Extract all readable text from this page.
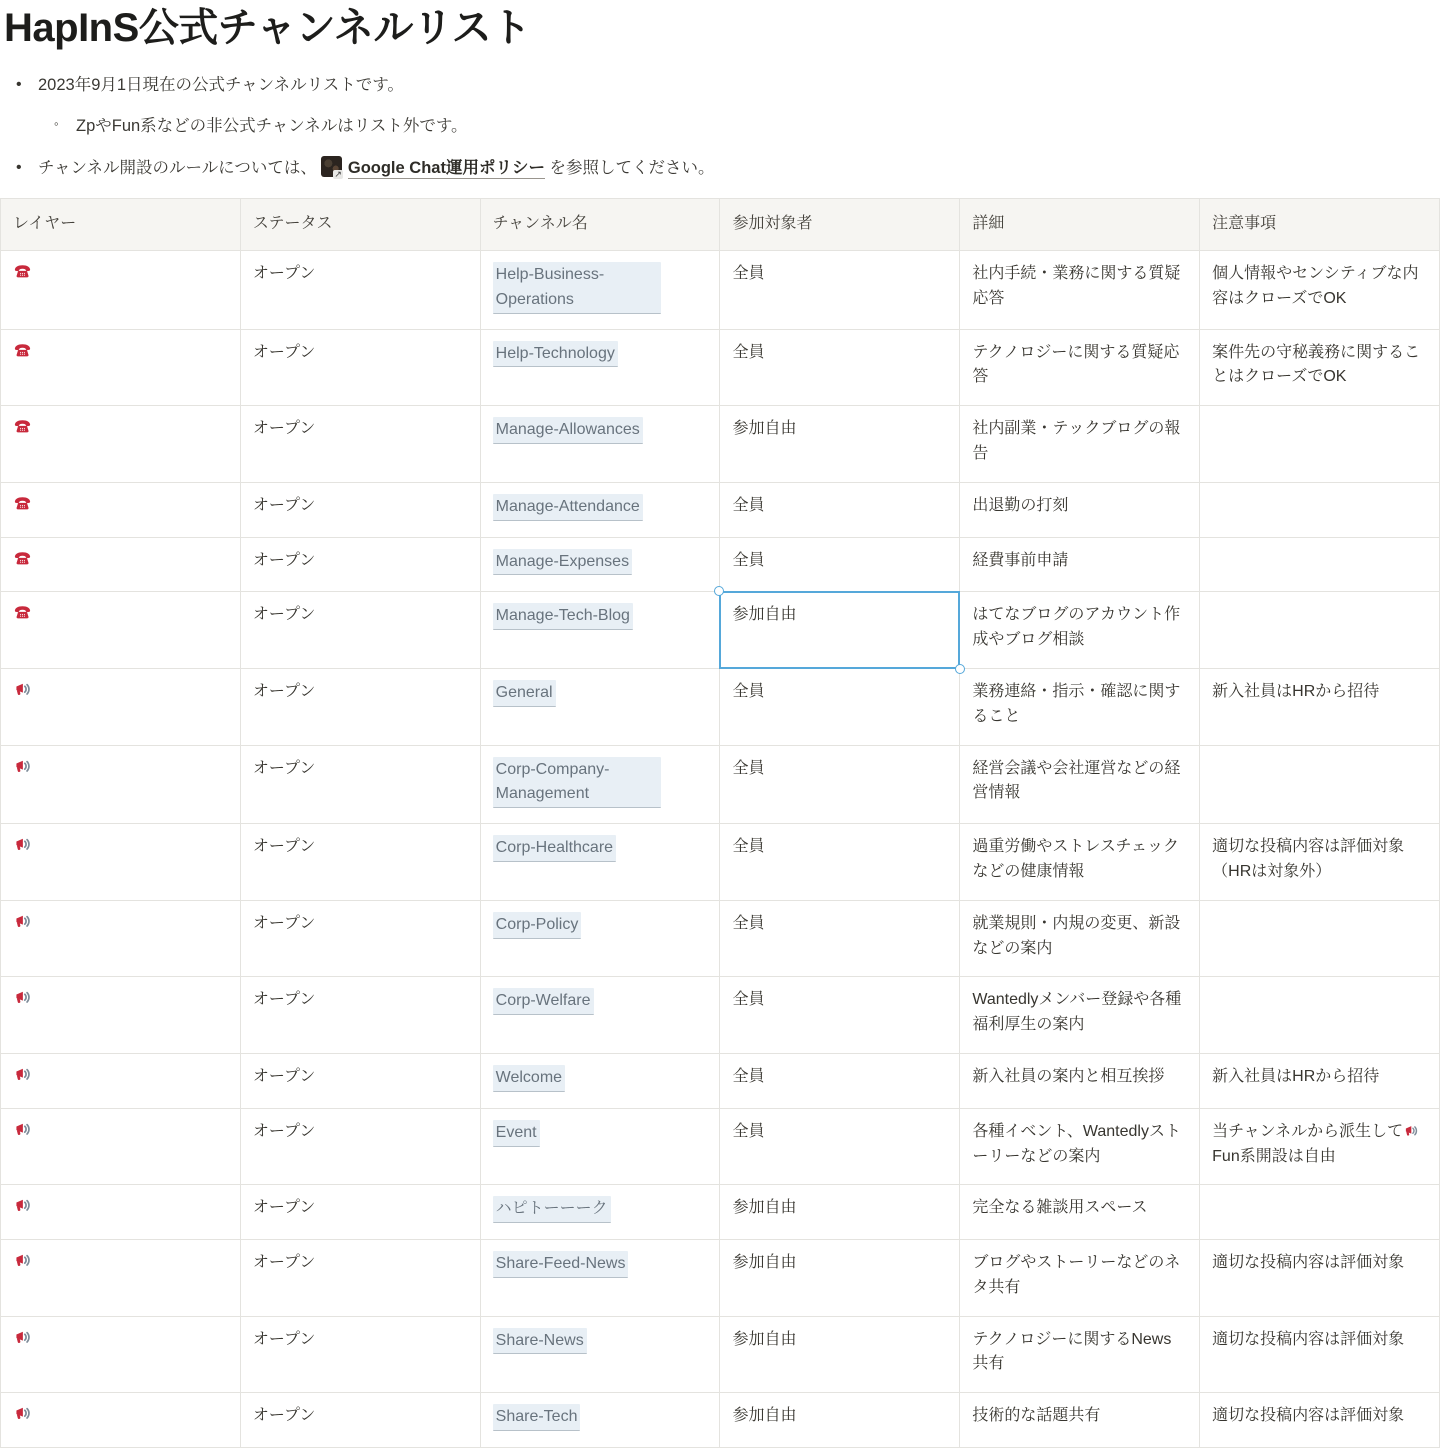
HapInS公式チャンネルリスト
• 2023年9月1日現在の公式チャンネルリストです。
◦	ZpやFun系などの非公式チャンネルはリスト外です。
• チャンネル開設のルールについては、 ↗ Google Chat運用ポリシー を参照してください。
レイヤー	ステータス	チャンネル名	参加対象者	詳細	注意事項
	オープン	Help-Business-Operations	全員	社内手続・業務に関する質疑応答	個人情報やセンシティブな内容はクローズでOK
	オープン	Help-Technology	全員	テクノロジーに関する質疑応答	案件先の守秘義務に関することはクローズでOK
	オープン	Manage-Allowances	参加自由	社内副業・テックブログの報告	
	オープン	Manage-Attendance	全員	出退勤の打刻	
	オープン	Manage-Expenses	全員	経費事前申請	
	オープン	Manage-Tech-Blog	参加自由	はてなブログのアカウント作成やブログ相談	
	オープン	General	全員	業務連絡・指示・確認に関すること	新入社員はHRから招待
	オープン	Corp-Company-Management	全員	経営会議や会社運営などの経営情報	
	オープン	Corp-Healthcare	全員	過重労働やストレスチェックなどの健康情報	適切な投稿内容は評価対象（HRは対象外）
	オープン	Corp-Policy	全員	就業規則・内規の変更、新設などの案内	
	オープン	Corp-Welfare	全員	Wantedlyメンバー登録や各種福利厚生の案内	
	オープン	Welcome	全員	新入社員の案内と相互挨拶	新入社員はHRから招待
	オープン	Event	全員	各種イベント、Wantedlyストーリーなどの案内	当チャンネルから派生してFun系開設は自由
	オープン	ハピトーーーク	参加自由	完全なる雑談用スペース	
	オープン	Share-Feed-News	参加自由	ブログやストーリーなどのネタ共有	適切な投稿内容は評価対象
	オープン	Share-News	参加自由	テクノロジーに関するNews共有	適切な投稿内容は評価対象
	オープン	Share-Tech	参加自由	技術的な話題共有	適切な投稿内容は評価対象
